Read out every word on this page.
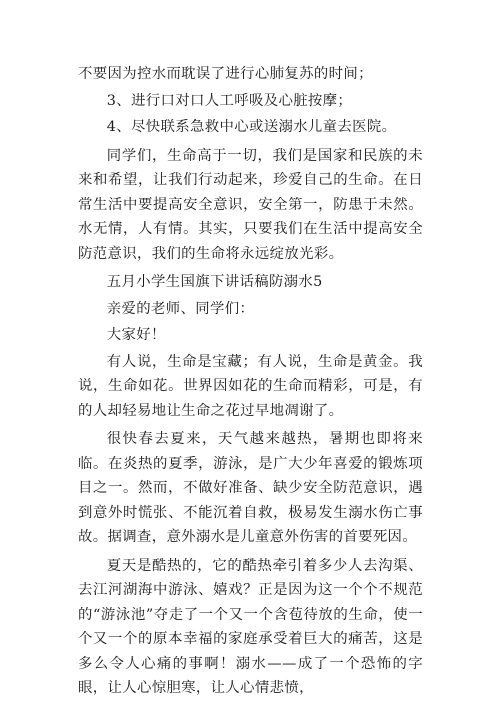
不要因为控水而耽误了进行心肺复苏的时间；

3、进行口对口人工呼吸及心脏按摩；

4、尽快联系急救中心或送溺水儿童去医院。

同学们，生命高于一切，我们是国家和民族的未来和希望，让我们行动起来，珍爱自己的生命。在日常生活中要提高安全意识，安全第一，防患于未然。水无情，人有情。其实，只要我们在生活中提高安全防范意识，我们的生命将永远绽放光彩。

五月小学生国旗下讲话稿防溺水5

亲爱的老师、同学们：

大家好！

有人说，生命是宝藏；有人说，生命是黄金。我说，生命如花。世界因如花的生命而精彩，可是，有的人却轻易地让生命之花过早地凋谢了。

很快春去夏来，天气越来越热，暑期也即将来临。在炎热的夏季，游泳，是广大少年喜爱的锻炼项目之一。然而，不做好准备、缺少安全防范意识，遇到意外时慌张、不能沉着自救，极易发生溺水伤亡事故。据调查，意外溺水是儿童意外伤害的首要死因。

夏天是酷热的，它的酷热牵引着多少人去沟渠、去江河湖海中游泳、嬉戏？正是因为这一个个不规范的“游泳池”夺走了一个又一个含苞待放的生命，使一个又一个的原本幸福的家庭承受着巨大的痛苦，这是多么令人心痛的事啊！溺水——成了一个恐怖的字眼，让人心惊胆寒，让人心情悲愤，
